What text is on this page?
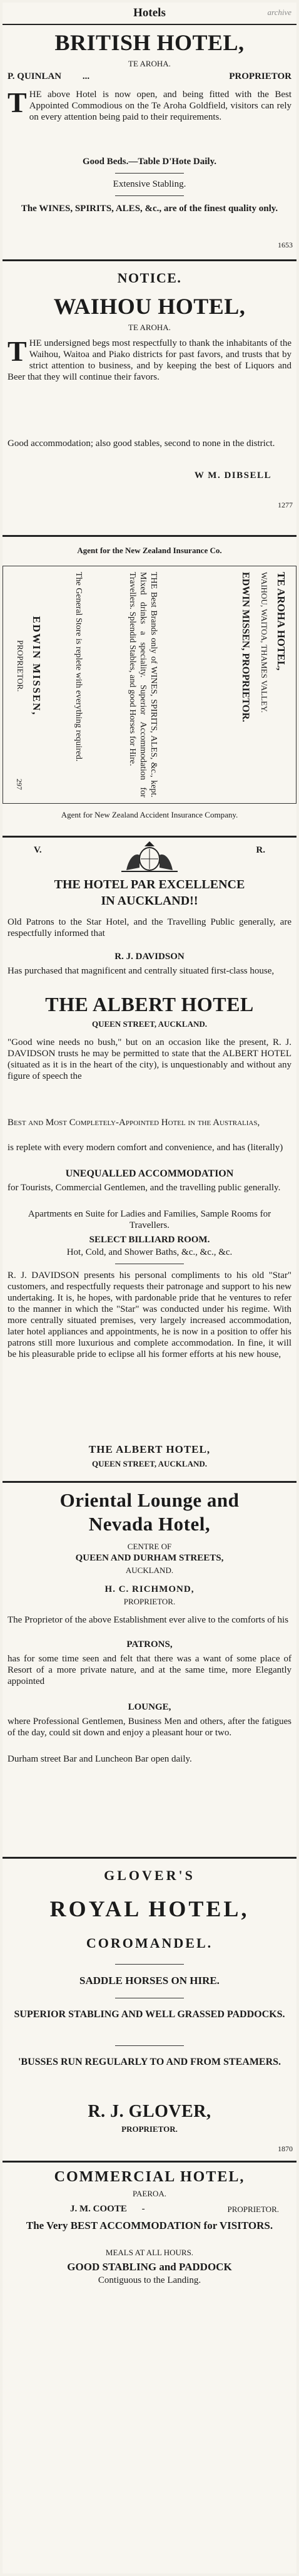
Hotels	archive
BRITISH HOTEL,
TE AROHA.
P. QUINLAN ...	PROPRIETOR
THE above Hotel is now open, and being fitted with the Best Appointed Commodious on the Te Aroha Goldfield, visitors can rely on every attention being paid to their requirements.
Good Beds.—Table D'Hote Daily.
Extensive Stabling.
The WINES, SPIRITS, ALES, &c., are of the finest quality only.
1653
NOTICE.
WAIHOU HOTEL,
TE AROHA.
THE undersigned begs most respectfully to thank the inhabitants of the Waihou, Waitoa and Piako districts for past favors, and trusts that by strict attention to business, and by keeping the best of Liquors and Beer that they will continue their favors.
Good accommodation; also good stables, second to none in the district.
W M. DIBSELL
1277
Agent for the New Zealand Insurance Co.
TE AROHA HOTEL,
WAIHOU, WAITOA, THAMES VALLEY.
EDWIN MISSEN, PROPRIETOR.
THE Best Brands only of WINES, SPIRITS, ALES, &c., kept. Mixed drinks a speciality. Superior Accommodation for Travellers. Splendid Stables, and good Horses for Hire.
The General Store is replete with everything required.
EDWIN MISSEN,
PROPRIETOR.
297
Agent for New Zealand Accident Insurance Company.
V.	R.
THE HOTEL PAR EXCELLENCE
IN AUCKLAND!!
Old Patrons to the Star Hotel, and the Travelling Public generally, are respectfully informed that
R. J. DAVIDSON
Has purchased that magnificent and centrally situated first-class house,
THE ALBERT HOTEL
QUEEN STREET, AUCKLAND.
"Good wine needs no bush," but on an occasion like the present, R. J. DAVIDSON trusts he may be permitted to state that the ALBERT HOTEL (situated as it is in the heart of the city), is unquestionably and without any figure of speech the
Best and Most Completely-Appointed Hotel in the Australias,
is replete with every modern comfort and convenience, and has (literally)
UNEQUALLED ACCOMMODATION
for Tourists, Commercial Gentlemen, and the travelling public generally.
Apartments en Suite for Ladies and Families, Sample Rooms for Travellers.
SELECT BILLIARD ROOM.
Hot, Cold, and Shower Baths, &c., &c., &c.
R. J. DAVIDSON presents his personal compliments to his old "Star" customers, and respectfully requests their patronage and support to his new undertaking. It is, he hopes, with pardonable pride that he ventures to refer to the manner in which the "Star" was conducted under his regime. With more centrally situated premises, very largely increased accommodation, later hotel appliances and appointments, he is now in a position to offer his patrons still more luxurious and complete accommodation. In fine, it will be his pleasurable pride to eclipse all his former efforts at his new house,
THE ALBERT HOTEL,
QUEEN STREET, AUCKLAND.
Oriental Lounge and
Nevada Hotel,
CENTRE OF
QUEEN AND DURHAM STREETS,
AUCKLAND.
H. C. RICHMOND,
PROPRIETOR.
The Proprietor of the above Establishment ever alive to the comforts of his
PATRONS,
has for some time seen and felt that there was a want of some place of Resort of a more private nature, and at the same time, more Elegantly appointed
LOUNGE,
where Professional Gentlemen, Business Men and others, after the fatigues of the day, could sit down and enjoy a pleasant hour or two.
Durham street Bar and Luncheon Bar open daily.
GLOVER'S
ROYAL HOTEL,
COROMANDEL.
SADDLE HORSES ON HIRE.
SUPERIOR STABLING AND WELL GRASSED PADDOCKS.
'BUSSES RUN REGULARLY TO AND FROM STEAMERS.
R. J. GLOVER,
PROPRIETOR.
1870
COMMERCIAL HOTEL,
PAEROA.
J. M. COOTE -	PROPRIETOR.
The Very BEST ACCOMMODATION for VISITORS.
MEALS AT ALL HOURS.
GOOD STABLING and PADDOCK
Contiguous to the Landing.
